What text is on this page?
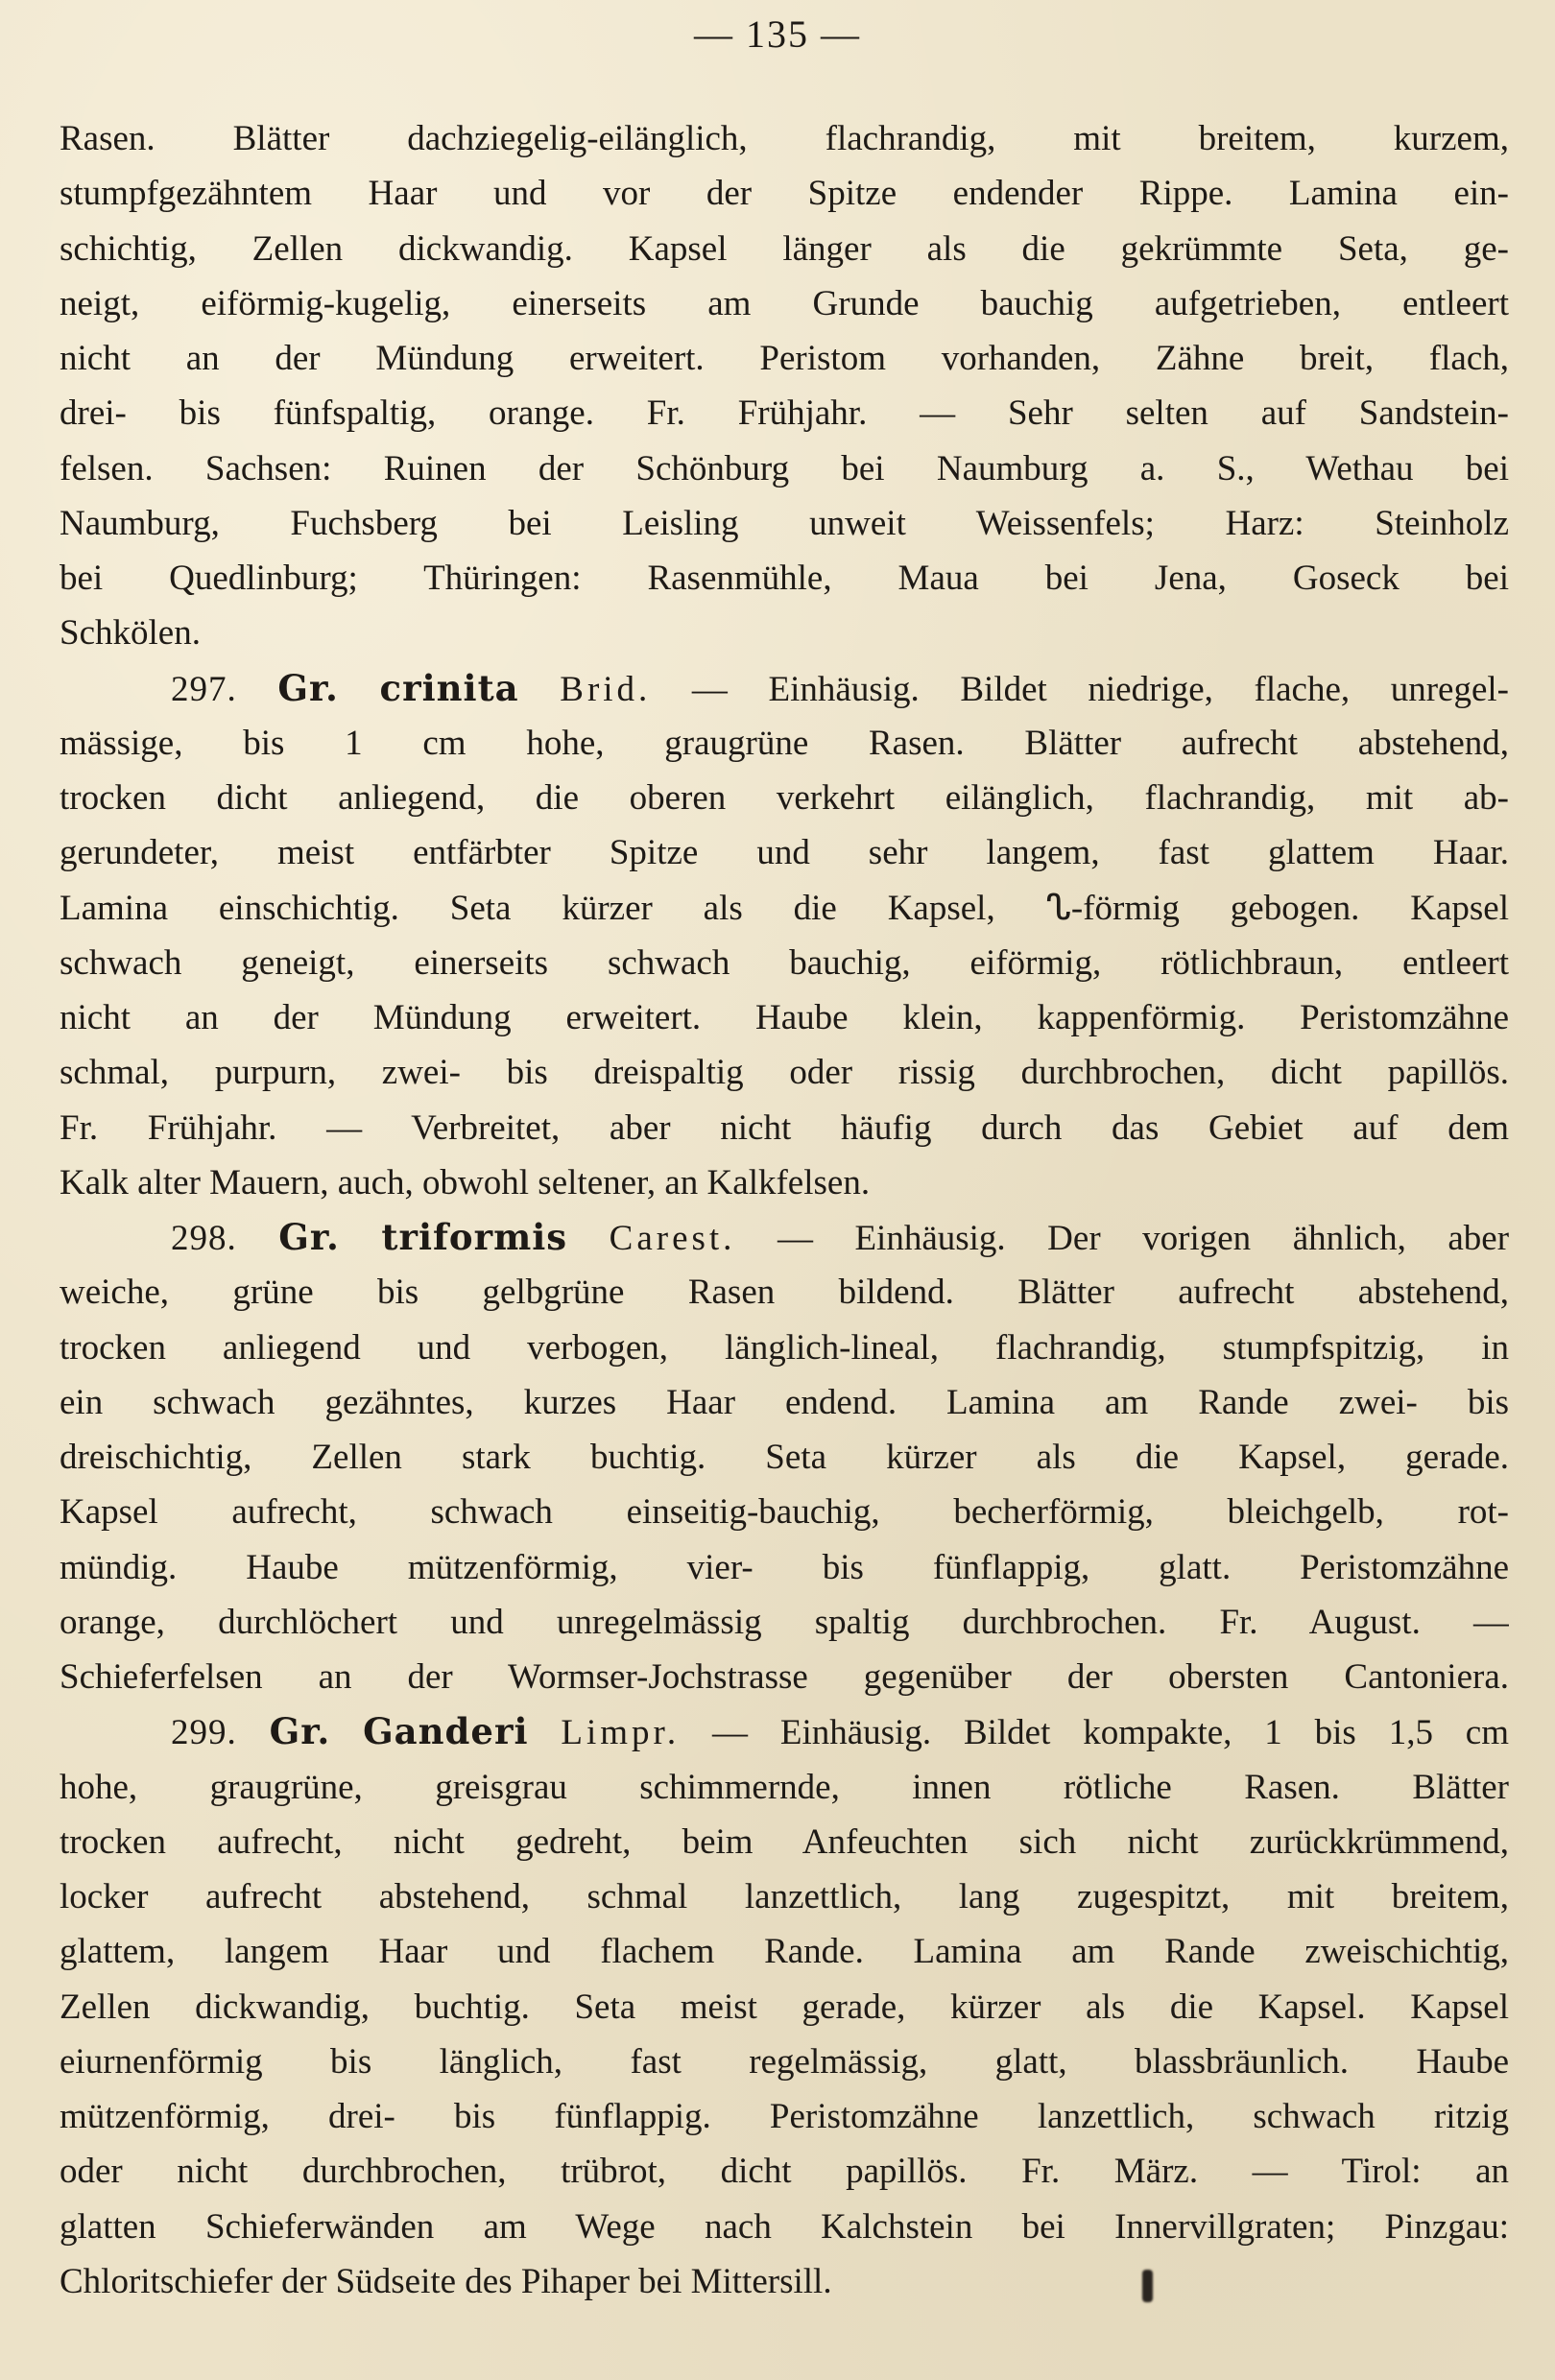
— 135 —
Rasen. Blätter dachziegelig-eilänglich, flachrandig, mit breitem, kurzem,
stumpfgezähntem Haar und vor der Spitze endender Rippe. Lamina ein-
schichtig, Zellen dickwandig. Kapsel länger als die gekrümmte Seta, ge-
neigt, eiförmig-kugelig, einerseits am Grunde bauchig aufgetrieben, entleert
nicht an der Mündung erweitert. Peristom vorhanden, Zähne breit, flach,
drei- bis fünfspaltig, orange. Fr. Frühjahr. — Sehr selten auf Sandstein-
felsen. Sachsen: Ruinen der Schönburg bei Naumburg a. S., Wethau bei
Naumburg, Fuchsberg bei Leisling unweit Weissenfels; Harz: Steinholz
bei Quedlinburg; Thüringen: Rasenmühle, Maua bei Jena, Goseck bei
Schkölen.
297. Gr. crinita Brid. — Einhäusig. Bildet niedrige, flache, unregel-
mässige, bis 1 cm hohe, graugrüne Rasen. Blätter aufrecht abstehend,
trocken dicht anliegend, die oberen verkehrt eilänglich, flachrandig, mit ab-
gerundeter, meist entfärbter Spitze und sehr langem, fast glattem Haar.
Lamina einschichtig. Seta kürzer als die Kapsel, ᔐ-förmig gebogen. Kapsel
schwach geneigt, einerseits schwach bauchig, eiförmig, rötlichbraun, entleert
nicht an der Mündung erweitert. Haube klein, kappenförmig. Peristomzähne
schmal, purpurn, zwei- bis dreispaltig oder rissig durchbrochen, dicht papillös.
Fr. Frühjahr. — Verbreitet, aber nicht häufig durch das Gebiet auf dem
Kalk alter Mauern, auch, obwohl seltener, an Kalkfelsen.
298. Gr. triformis Carest. — Einhäusig. Der vorigen ähnlich, aber
weiche, grüne bis gelbgrüne Rasen bildend. Blätter aufrecht abstehend,
trocken anliegend und verbogen, länglich-lineal, flachrandig, stumpfspitzig, in
ein schwach gezähntes, kurzes Haar endend. Lamina am Rande zwei- bis
dreischichtig, Zellen stark buchtig. Seta kürzer als die Kapsel, gerade.
Kapsel aufrecht, schwach einseitig-bauchig, becherförmig, bleichgelb, rot-
mündig. Haube mützenförmig, vier- bis fünflappig, glatt. Peristomzähne
orange, durchlöchert und unregelmässig spaltig durchbrochen. Fr. August. —
Schieferfelsen an der Wormser-Jochstrasse gegenüber der obersten Cantoniera.
299. Gr. Ganderi Limpr. — Einhäusig. Bildet kompakte, 1 bis 1,5 cm
hohe, graugrüne, greisgrau schimmernde, innen rötliche Rasen. Blätter
trocken aufrecht, nicht gedreht, beim Anfeuchten sich nicht zurückkrümmend,
locker aufrecht abstehend, schmal lanzettlich, lang zugespitzt, mit breitem,
glattem, langem Haar und flachem Rande. Lamina am Rande zweischichtig,
Zellen dickwandig, buchtig. Seta meist gerade, kürzer als die Kapsel. Kapsel
eiurnenförmig bis länglich, fast regelmässig, glatt, blassbräunlich. Haube
mützenförmig, drei- bis fünflappig. Peristomzähne lanzettlich, schwach ritzig
oder nicht durchbrochen, trübrot, dicht papillös. Fr. März. — Tirol: an
glatten Schieferwänden am Wege nach Kalchstein bei Innervillgraten; Pinzgau:
Chloritschiefer der Südseite des Pihaper bei Mittersill.
